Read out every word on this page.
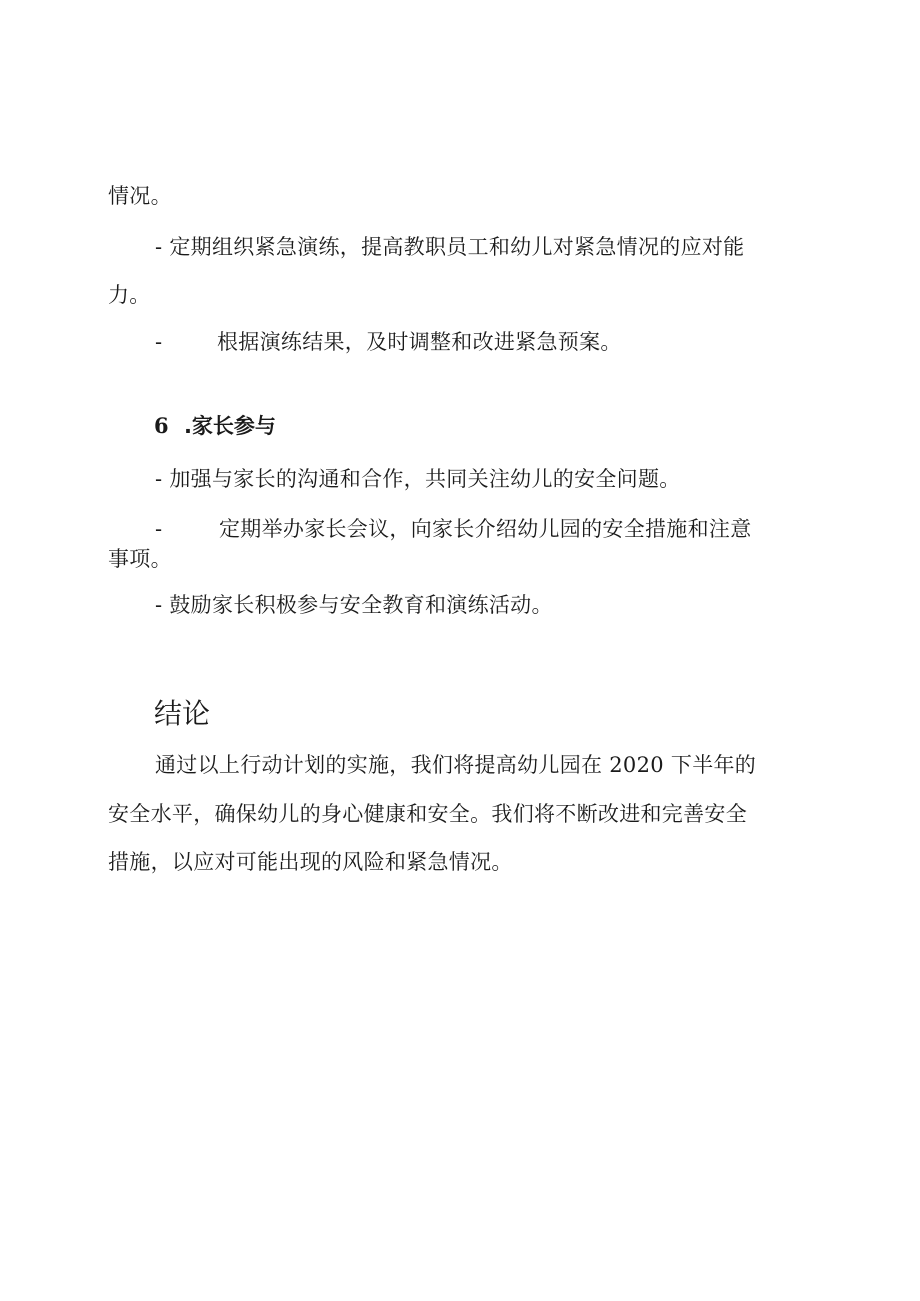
情况。
- 定期组织紧急演练，提高教职员工和幼儿对紧急情况的应对能
力。
-	根据演练结果，及时调整和改进紧急预案。
6 .家长参与
- 加强与家长的沟通和合作，共同关注幼儿的安全问题。
-	定期举办家长会议，向家长介绍幼儿园的安全措施和注意
事项。
- 鼓励家长积极参与安全教育和演练活动。
结论
通过以上行动计划的实施，我们将提高幼儿园在 2020 下半年的
安全水平，确保幼儿的身心健康和安全。我们将不断改进和完善安全
措施，以应对可能出现的风险和紧急情况。
